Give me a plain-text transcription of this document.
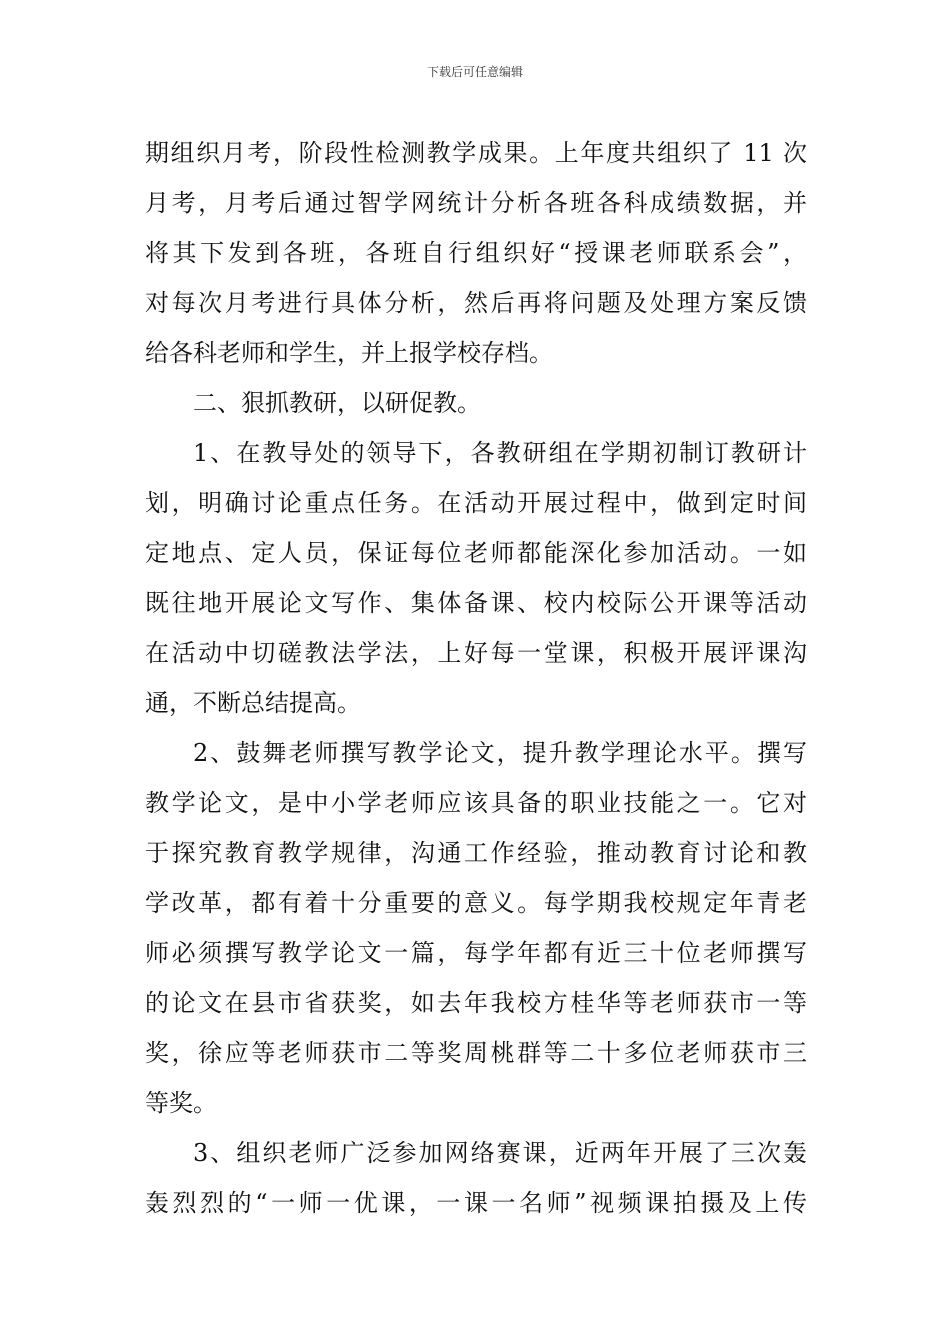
下载后可任意编辑
期组织月考，阶段性检测教学成果。上年度共组织了 11 次
月考，月考后通过智学网统计分析各班各科成绩数据，并
将其下发到各班，各班自行组织好“授课老师联系会”，
对每次月考进行具体分析，然后再将问题及处理方案反馈
给各科老师和学生，并上报学校存档。
二、狠抓教研，以研促教。
1、在教导处的领导下，各教研组在学期初制订教研计
划，明确讨论重点任务。在活动开展过程中，做到定时间
定地点、定人员，保证每位老师都能深化参加活动。一如
既往地开展论文写作、集体备课、校内校际公开课等活动
在活动中切磋教法学法，上好每一堂课，积极开展评课沟
通，不断总结提高。
2、鼓舞老师撰写教学论文，提升教学理论水平。撰写
教学论文，是中小学老师应该具备的职业技能之一。它对
于探究教育教学规律，沟通工作经验，推动教育讨论和教
学改革，都有着十分重要的意义。每学期我校规定年青老
师必须撰写教学论文一篇，每学年都有近三十位老师撰写
的论文在县市省获奖，如去年我校方桂华等老师获市一等
奖，徐应等老师获市二等奖周桃群等二十多位老师获市三
等奖。
3、组织老师广泛参加网络赛课，近两年开展了三次轰
轰烈烈的“一师一优课，一课一名师”视频课拍摄及上传
